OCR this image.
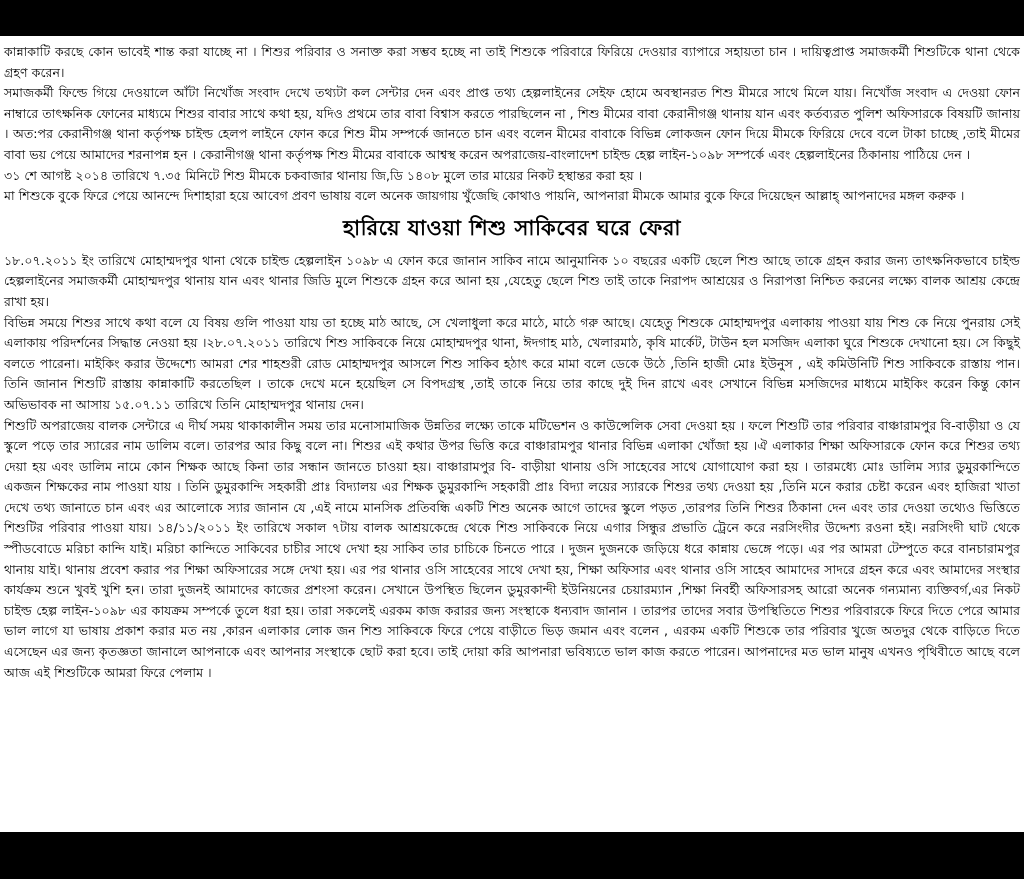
কান্নাকাটি করছে কোন ভাবেই শান্ত করা যাচ্ছে না । শিশুর পরিবার ও সনাক্ত করা সম্ভব হচ্ছে না তাই শিশুকে পরিবারে ফিরিয়ে দেওয়ার ব্যাপারে সহায়তা চান । দায়িত্বপ্রাপ্ত সমাজকর্মী শিশুটিকে থানা থেকে গ্রহণ করেন।

সমাজকর্মী ফিল্ডে গিয়ে দেওয়ালে আঁটা নিখোঁজ সংবাদ দেখে তথ্যটা কল সেন্টার দেন এবং প্রাপ্ত তথ্য হেল্পলাইনের সেইফ হোমে অবস্থানরত শিশু মীমরে সাথে মিলে যায়। নিখোঁজ সংবাদ এ দেওয়া ফোন নাম্বারে তাৎক্ষনিক ফোনের মাধ্যমে শিশুর বাবার সাথে কথা হয়, যদিও প্রথমে তার বাবা বিশ্বাস করতে পারছিলেন না , শিশু মীমের বাবা কেরানীগঞ্জ থানায় যান এবং কর্তব্যরত পুলিশ অফিসারকে বিষয়টি জানায় । অত:পর কেরানীগঞ্জ থানা কর্তৃপক্ষ চাইল্ড হেলপ লাইনে ফোন করে শিশু মীম সম্পর্কে জানতে চান এবং বলেন মীমের বাবাকে বিভিন্ন লোকজন ফোন দিয়ে মীমকে ফিরিয়ে দেবে বলে টাকা চাচ্ছে ,তাই মীমের বাবা ভয় পেয়ে আমাদের শরনাপন্ন হন । কেরানীগঞ্জ থানা কর্তৃপক্ষ শিশু মীমের বাবাকে আশ্বস্থ করেন অপরাজেয়-বাংলাদেশ চাইল্ড হেল্প লাইন-১০৯৮ সম্পর্কে এবং হেল্পলাইনের ঠিকানায় পাঠিয়ে দেন ।

৩১ শে আগষ্ট ২০১৪ তারিখে ৭.৩৫ মিনিটে শিশু মীমকে চকবাজার থানায় জি,ডি ১৪০৮ মুলে তার মায়ের নিকট হস্থান্তর করা হয় ।

মা শিশুকে বুকে ফিরে পেয়ে আনন্দে দিশাহারা হয়ে আবেগ প্রবণ ভাষায় বলে অনেক জায়গায় খুঁজেছি কোথাও পায়নি, আপনারা মীমকে আমার বুকে ফিরে দিয়েছেন আল্লাহ্ আপনাদের মঙ্গল করুক ।

হারিয়ে যাওয়া শিশু সাকিবের ঘরে ফেরা

১৮.০৭.২০১১ ইং তারিখে মোহাম্মদপুর থানা থেকে চাইল্ড হেল্পলাইন ১০৯৮ এ ফোন করে জানান সাকিব নামে আনুমানিক ১০ বছরের একটি ছেলে শিশু আছে তাকে গ্রহন করার জন্য তাৎক্ষনিকভাবে চাইল্ড হেল্পলাইনের সমাজকর্মী মোহাম্মদপুর থানায় যান এবং থানার জিডি মুলে শিশুকে গ্রহন করে আনা হয় ,যেহেতু ছেলে শিশু তাই তাকে নিরাপদ আশ্রয়ের ও নিরাপত্তা নিশ্চিত করনের লক্ষ্যে বালক আশ্রয় কেন্দ্রে রাখা হয়।

বিভিন্ন সময়ে শিশুর সাথে কথা বলে যে বিষয় গুলি পাওয়া যায় তা হচ্ছে মাঠ আছে, সে খেলাধুলা করে মাঠে, মাঠে গরু আছে। যেহেতু শিশুকে মোহাম্মদপুর এলাকায় পাওয়া যায় শিশু কে নিয়ে পুনরায় সেই এলাকায় পরিদর্শনের সিদ্ধান্ত নেওয়া হয় ।২৮.০৭.২০১১ তারিখে শিশু সাকিবকে নিয়ে মোহাম্মদপুর থানা, ঈদগাহ মাঠ, খেলারমাঠ, কৃষি মার্কেট, টাউন হল মসজিদ এলাকা ঘুরে শিশুকে দেখানো হয়। সে কিছুই বলতে পারেনা। মাইকিং করার উদ্দেশ্যে আমরা শের শাহশুরী রোড মোহাম্মদপুর আসলে শিশু সাকিব হঠাৎ করে মামা বলে ডেকে উঠে ,তিনি হাজী মোঃ ইউনুস , এই কমিউনিটি শিশু সাকিবকে রাস্তায় পান। তিনি জানান শিশুটি রাস্তায় কান্নাকাটি করতেছিল । তাকে দেখে মনে হয়েছিল সে বিপদগ্রস্থ ,তাই তাকে নিয়ে তার কাছে দুই দিন রাখে এবং সেখানে বিভিন্ন মসজিদের মাধ্যমে মাইকিং করেন কিন্তু কোন অভিভাবক না আসায় ১৫.০৭.১১ তারিখে তিনি মোহাম্মদপুর থানায় দেন।

শিশুটি অপরাজেয় বালক সেন্টারে এ দীর্ঘ সময় থাকাকালীন সময় তার মনোসামাজিক উন্নতির লক্ষ্যে তাকে মটিভেশন ও কাউন্সেলিক সেবা দেওয়া হয় । ফলে শিশুটি তার পরিবার বাঞ্চারামপুর বি-বাড়ীয়া ও যে স্কুলে পড়ে তার স্যারের নাম ডালিম বলে। তারপর আর কিছু বলে না। শিশুর এই কথার উপর ভিত্তি করে বাঞ্চারামপুর থানার বিভিন্ন এলাকা খোঁজা হয় ।ঐ এলাকার শিক্ষা অফিসারকে ফোন করে শিশুর তথ্য দেয়া হয় এবং ডালিম নামে কোন শিক্ষক আছে কিনা তার সন্ধান জানতে চাওয়া হয়। বাঞ্চারামপুর বি- বাড়ীয়া থানায় ওসি সাহেবের সাথে যোগাযোগ করা হয় । তারমধ্যে মোঃ ডালিম স্যার ডুমুরকান্দিতে একজন শিক্ষকের নাম পাওয়া যায় । তিনি ডুমুরকান্দি সহকারী প্রাঃ বিদ্যালয় এর শিক্ষক ডুমুরকান্দি সহকারী প্রাঃ বিদ্যা লয়ের স্যারকে শিশুর তথ্য দেওয়া হয় ,তিনি মনে করার চেষ্টা করেন এবং হাজিরা খাতা দেখে তথ্য জানাতে চান এবং এর আলোকে স্যার জানান যে ,এই নামে মানসিক প্রতিবন্ধি একটি শিশু অনেক আগে তাদের স্কুলে পড়ত ,তারপর তিনি শিশুর ঠিকানা দেন এবং তার দেওয়া তথ্যেও ভিত্তিতে শিশুটির পরিবার পাওয়া যায়। ১৪/১১/২০১১ ইং তারিখে সকাল ৭টায় বালক আশ্রয়কেন্দ্রে থেকে শিশু সাকিবকে নিয়ে এগার সিন্ধুর প্রভাতি ট্রেনে করে নরসিংদীর উদ্দেশ্য রওনা হই। নরসিংদী ঘাট থেকে স্পীডবোডে মরিচা কান্দি যাই। মরিচা কান্দিতে সাকিবের চাচীর সাথে দেখা হয় সাকিব তার চাচিকে চিনতে পারে । দুজন দুজনকে জড়িয়ে ধরে কান্নায় ভেঙ্গে পড়ে। এর পর আমরা টেম্পুতে করে বানচারামপুর থানায় যাই। থানায় প্রবেশ করার পর শিক্ষা অফিসারের সঙ্গে দেখা হয়। এর পর থানার ওসি সাহেবের সাথে দেখা হয়, শিক্ষা অফিসার এবং থানার ওসি সাহেব আমাদের সাদরে গ্রহন করে এবং আমাদের সংস্থার কার্যক্রম শুনে খুবই খুশি হন। তারা দুজনই আমাদের কাজের প্রশংসা করেন। সেখানে উপস্থিত ছিলেন ডুমুরকান্দী ইউনিয়নের চেয়ারম্যান ,শিক্ষা নিবর্হী অফিসারসহ আরো অনেক গন্যমান্য ব্যক্তিবর্গ,এর নিকট চাইল্ড হেল্প লাইন-১০৯৮ এর কাযক্রম সম্পর্কে তুলে ধরা হয়। তারা সকলেই এরকম কাজ করারর জন্য সংস্থাকে ধন্যবাদ জানান । তারপর তাদের সবার উপস্থিতিতে শিশুর পরিবারকে ফিরে দিতে পেরে আমার ভাল লাগে যা ভাষায় প্রকাশ করার মত নয় ,কারন এলাকার লোক জন শিশু সাকিবকে ফিরে পেয়ে বাড়ীতে ভিড় জমান এবং বলেন , এরকম একটি শিশুকে তার পরিবার খুজে অতদুর থেকে বাড়িতে দিতে এসেছেন এর জন্য কৃতজ্ঞতা জানালে আপনাকে এবং আপনার সংস্থাকে ছোট করা হবে। তাই দোয়া করি আপনারা ভবিষ্যতে ভাল কাজ করতে পারেন। আপনাদের মত ভাল মানুষ এখনও পৃথিবীতে আছে বলে আজ এই শিশুটিকে আমরা ফিরে পেলাম ।
